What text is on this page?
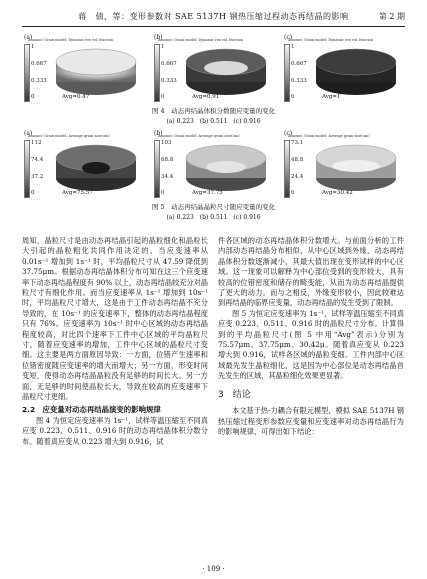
蒋　债，等：变形参数对 SAE 5137H 钢热压缩过程动态再结晶的影响	第 2 期
(a)
Amount: Grain model: Dynamic rex vol. fraction
1
0.667
0.333
0	Avg=0.47
(b)
Amount: Grain model: Dynamic rex vol. fraction
1
0.667
0.333
0	Avg=0.91
(c)
Amount: Grain model: Dynamic rex vol. fraction
1
0.667
0.333
0	Avg=1
图 4　动态再结晶体积分数随应变量的变化
(a) 0.223　(b) 0.511　(c) 0.916
(a)
Amount: Grain model: Average grain size(um)
112
74.4
37.2
0	Avg=75.57
(b)
Amount: Grain model: Average grain size(um)
103
68.8
34.4
0	Avg=37.75
(c)
Amount: Grain model: Average grain size(um)
73.1
48.8
24.4
0	Avg=30.42
图 5　动态再结晶晶粒尺寸随应变量的变化
(a) 0.223　(b) 0.511　(c) 0.916

周知，晶粒尺寸是由动态再结晶引起的晶粒细化和晶粒长大引起的晶粒粗化共同作用决定的。当应变速率从 0.01s⁻¹ 增加到 1s⁻¹ 时，平均晶粒尺寸从 47.59 降低到 37.75μm。根据动态再结晶体积分布可知在这三个应变速率下动态再结晶程度有 90% 以上，动态再结晶较充分对晶粒尺寸有细化作用。而当应变速率从 1s⁻¹ 增加到 10s⁻¹ 时，平均晶粒尺寸增大，这是由于工件动态再结晶不充分导致的，在 10s⁻¹ 的应变速率下，整体的动态再结晶程度只有 76%。应变速率为 10s⁻¹ 时中心区域的动态再结晶程度较高，对比四个速率下工件中心区域的平均晶粒尺寸，随着应变速率的增加，工件中心区域的晶粒尺寸变细。这主要是两方面原因导致：一方面，位错产生速率和位错密度随应变速率的增大而增大；另一方面，形变时间变短，使得动态再结晶晶粒没有足够的时间长大。另一方面，无足够的时间使晶粒长大，导致在较高的应变速率下晶粒尺寸更细。

2.2　应变量对动态再结晶演变的影响规律

图 4 为恒定应变速率为 1s⁻¹，试样等温压缩至不同真应变 0.223、0.511、0.916 时的动态再结晶体积分数分布。随着真应变从 0.223 增大到 0.916，试

件各区域的动态再结晶体积分数增大。与前面分析的工件内部动态再结晶分布相似，从中心区域到外缘，动态再结晶体积分数逐渐减小，其最大值出现在变形试样的中心区域。这一现象可以解释为中心部位受到的变形较大，具有较高的位错密度和储存的畸变能，从而为动态再结晶提供了更大的动力。而与之相反，外缘变形较小，因此较难达到再结晶的临界应变量，动态再结晶的发生受到了限制。

图 5 为恒定应变速率为 1s⁻¹，试样等温压缩至不同真应变 0.223、0.511、0.916 时的晶粒尺寸分布。计算得到的平均晶粒尺寸(图 5 中用“Avg”表示)分别为 75.57μm、37.75μm、30.42μ。随着真应变从 0.223 增大到 0.916，试样各区域的晶粒变细。工件内部中心区域最先发生晶粒细化，这是因为中心部位是动态再结晶首先发生的区域，其晶粒细化效果更显著。

3　结论

本文基于热-力耦合有限元模型，模拟 SAE 5137H 钢热压缩过程变形参数应变量和应变速率对动态再结晶行为的影响规律，可得出如下结论：

· 109 ·
